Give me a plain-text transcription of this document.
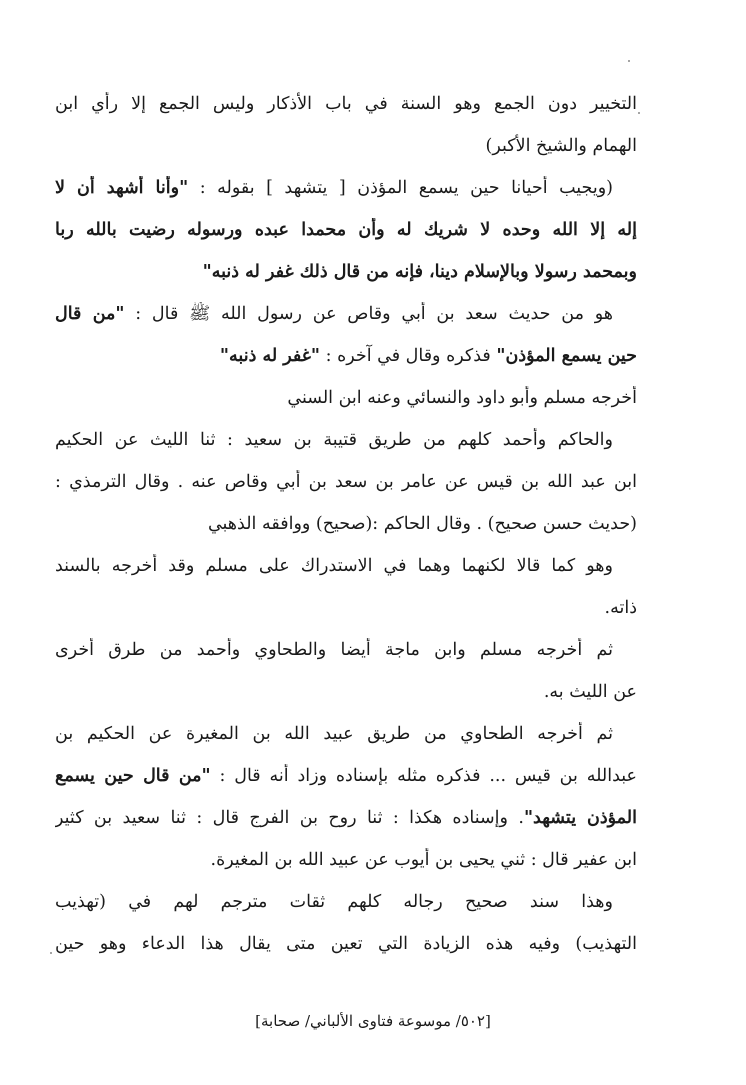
التخيير دون الجمع وهو السنة في باب الأذكار وليس الجمع إلا رأي ابن
الهمام والشيخ الأكبر)
(ويجيب أحيانا حين يسمع المؤذن [ يتشهد ] بقوله : "وأنا أشهد أن لا
إله إلا الله وحده لا شريك له وأن محمدا عبده ورسوله رضيت بالله ربا
وبمحمد رسولا وبالإسلام دينا، فإنه من قال ذلك غفر له ذنبه"
هو من حديث سعد بن أبي وقاص عن رسول الله ﷺ قال : "من قال
حين يسمع المؤذن" فذكره وقال في آخره : "غفر له ذنبه"
أخرجه مسلم وأبو داود والنسائي وعنه ابن السني
والحاكم وأحمد كلهم من طريق قتيبة بن سعيد : ثنا الليث عن الحكيم
ابن عبد الله بن قيس عن عامر بن سعد بن أبي وقاص عنه . وقال الترمذي :
(حديث حسن صحيح) . وقال الحاكم :(صحيح) ووافقه الذهبي
وهو كما قالا لكنهما وهما في الاستدراك على مسلم وقد أخرجه بالسند
ذاته.
ثم أخرجه مسلم وابن ماجة أيضا والطحاوي وأحمد من طرق أخرى
عن الليث به.
ثم أخرجه الطحاوي من طريق عبيد الله بن المغيرة عن الحكيم بن
عبدالله بن قيس ... فذكره مثله بإسناده وزاد أنه قال : "من قال حين يسمع
المؤذن يتشهد". وإسناده هكذا : ثنا روح بن الفرج قال : ثنا سعيد بن كثير
ابن عفير قال : ثني يحيى بن أيوب عن عبيد الله بن المغيرة.
وهذا سند صحيح رجاله كلهم ثقات مترجم لهم في (تهذيب
التهذيب) وفيه هذه الزيادة التي تعين متى يقال هذا الدعاء وهو حين
[٥٠٢/ موسوعة فتاوى الألباني/ صحابة]
